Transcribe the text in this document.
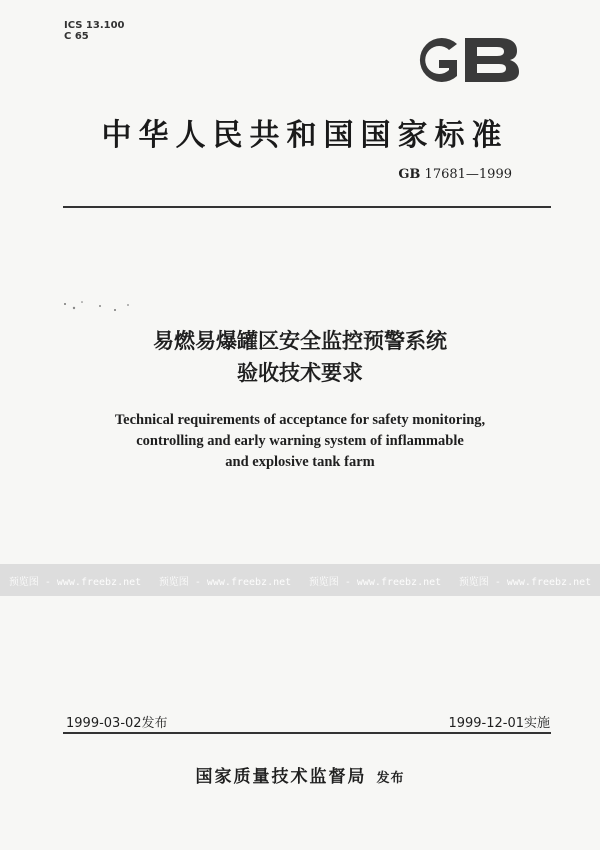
ICS 13.100
C 65
中华人民共和国国家标准
GB 17681—1999
易燃易爆罐区安全监控预警系统
验收技术要求
Technical requirements of acceptance for safety monitoring,
controlling and early warning system of inflammable
and explosive tank farm
预览图 - www.freebz.net	预览图 - www.freebz.net	预览图 - www.freebz.net	预览图 - www.freebz.net
1999-03-02发布	1999-12-01实施
国家质量技术监督局 发布
